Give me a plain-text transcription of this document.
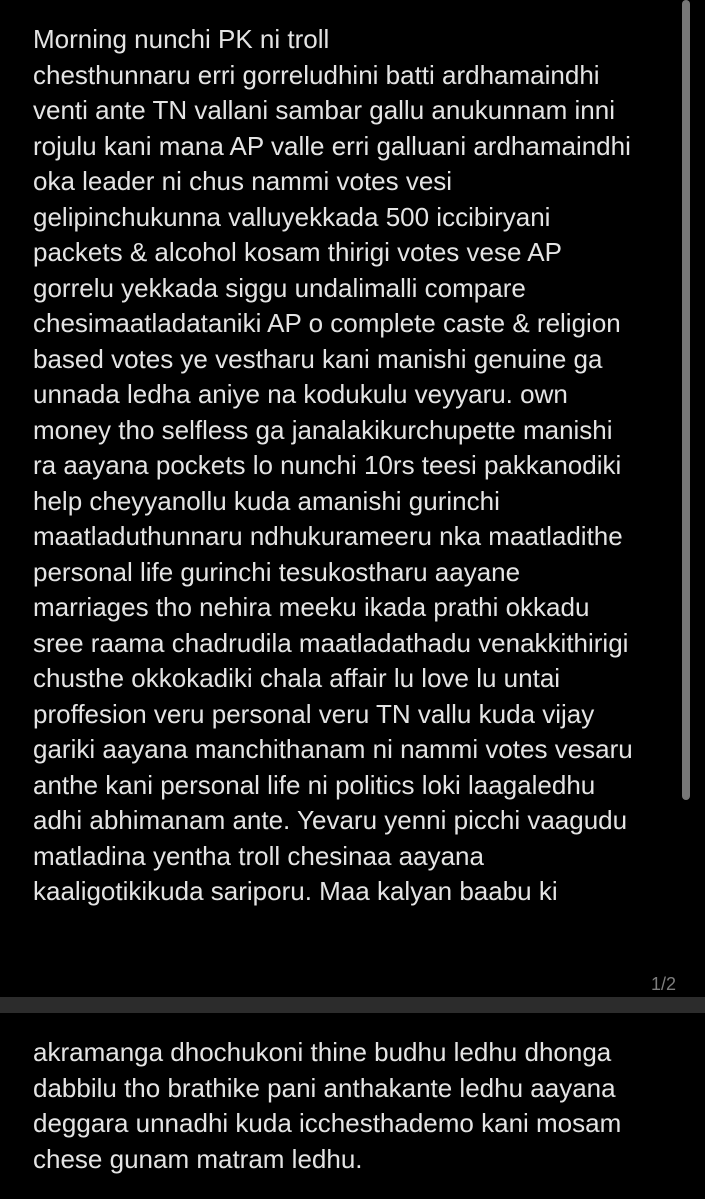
Morning nunchi PK ni troll
chesthunnaru erri gorreludhini batti ardhamaindhi
venti ante TN vallani sambar gallu anukunnam inni
rojulu kani mana AP valle erri galluani ardhamaindhi
oka leader ni chus nammi votes vesi
gelipinchukunna valluyekkada 500 iccibiryani
packets & alcohol kosam thirigi votes vese AP
gorrelu yekkada siggu undalimalli compare
chesimaatladataniki AP o complete caste & religion
based votes ye vestharu kani manishi genuine ga
unnada ledha aniye na kodukulu veyyaru. own
money tho selfless ga janalakikurchupette manishi
ra aayana pockets lo nunchi 10rs teesi pakkanodiki
help cheyyanollu kuda amanishi gurinchi
maatladuthunnaru ndhukurameeru nka maatladithe
personal life gurinchi tesukostharu aayane
marriages tho nehira meeku ikada prathi okkadu
sree raama chadrudila maatladathadu venakkithirigi
chusthe okkokadiki chala affair lu love lu untai
proffesion veru personal veru TN vallu kuda vijay
gariki aayana manchithanam ni nammi votes vesaru
anthe kani personal life ni politics loki laagaledhu
adhi abhimanam ante. Yevaru yenni picchi vaagudu
matladina yentha troll chesinaa aayana
kaaligotikikuda sariporu. Maa kalyan baabu ki
1/2
akramanga dhochukoni thine budhu ledhu dhonga
dabbilu tho brathike pani anthakante ledhu aayana
deggara unnadhi kuda icchesthademo kani mosam
chese gunam matram ledhu.
